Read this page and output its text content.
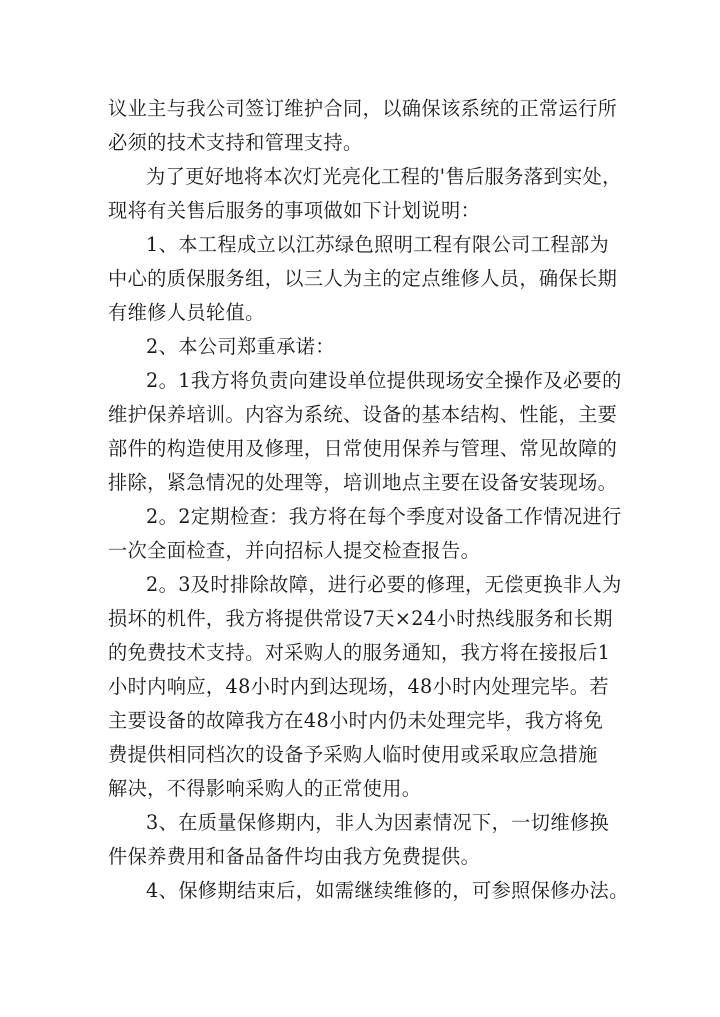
议业主与我公司签订维护合同，以确保该系统的正常运行所
必须的技术支持和管理支持。
为了更好地将本次灯光亮化工程的'售后服务落到实处，
现将有关售后服务的事项做如下计划说明：
1、本工程成立以江苏绿色照明工程有限公司工程部为
中心的质保服务组，以三人为主的定点维修人员，确保长期
有维修人员轮值。
2、本公司郑重承诺：
2。1我方将负责向建设单位提供现场安全操作及必要的
维护保养培训。内容为系统、设备的基本结构、性能，主要
部件的构造使用及修理，日常使用保养与管理、常见故障的
排除，紧急情况的处理等，培训地点主要在设备安装现场。
2。2定期检查：我方将在每个季度对设备工作情况进行
一次全面检查，并向招标人提交检查报告。
2。3及时排除故障，进行必要的修理，无偿更换非人为
损坏的机件，我方将提供常设7天×24小时热线服务和长期
的免费技术支持。对采购人的服务通知，我方将在接报后1
小时内响应，48小时内到达现场，48小时内处理完毕。若
主要设备的故障我方在48小时内仍未处理完毕，我方将免
费提供相同档次的设备予采购人临时使用或采取应急措施
解决，不得影响采购人的正常使用。
3、在质量保修期内，非人为因素情况下，一切维修换
件保养费用和备品备件均由我方免费提供。
4、保修期结束后，如需继续维修的，可参照保修办法。
